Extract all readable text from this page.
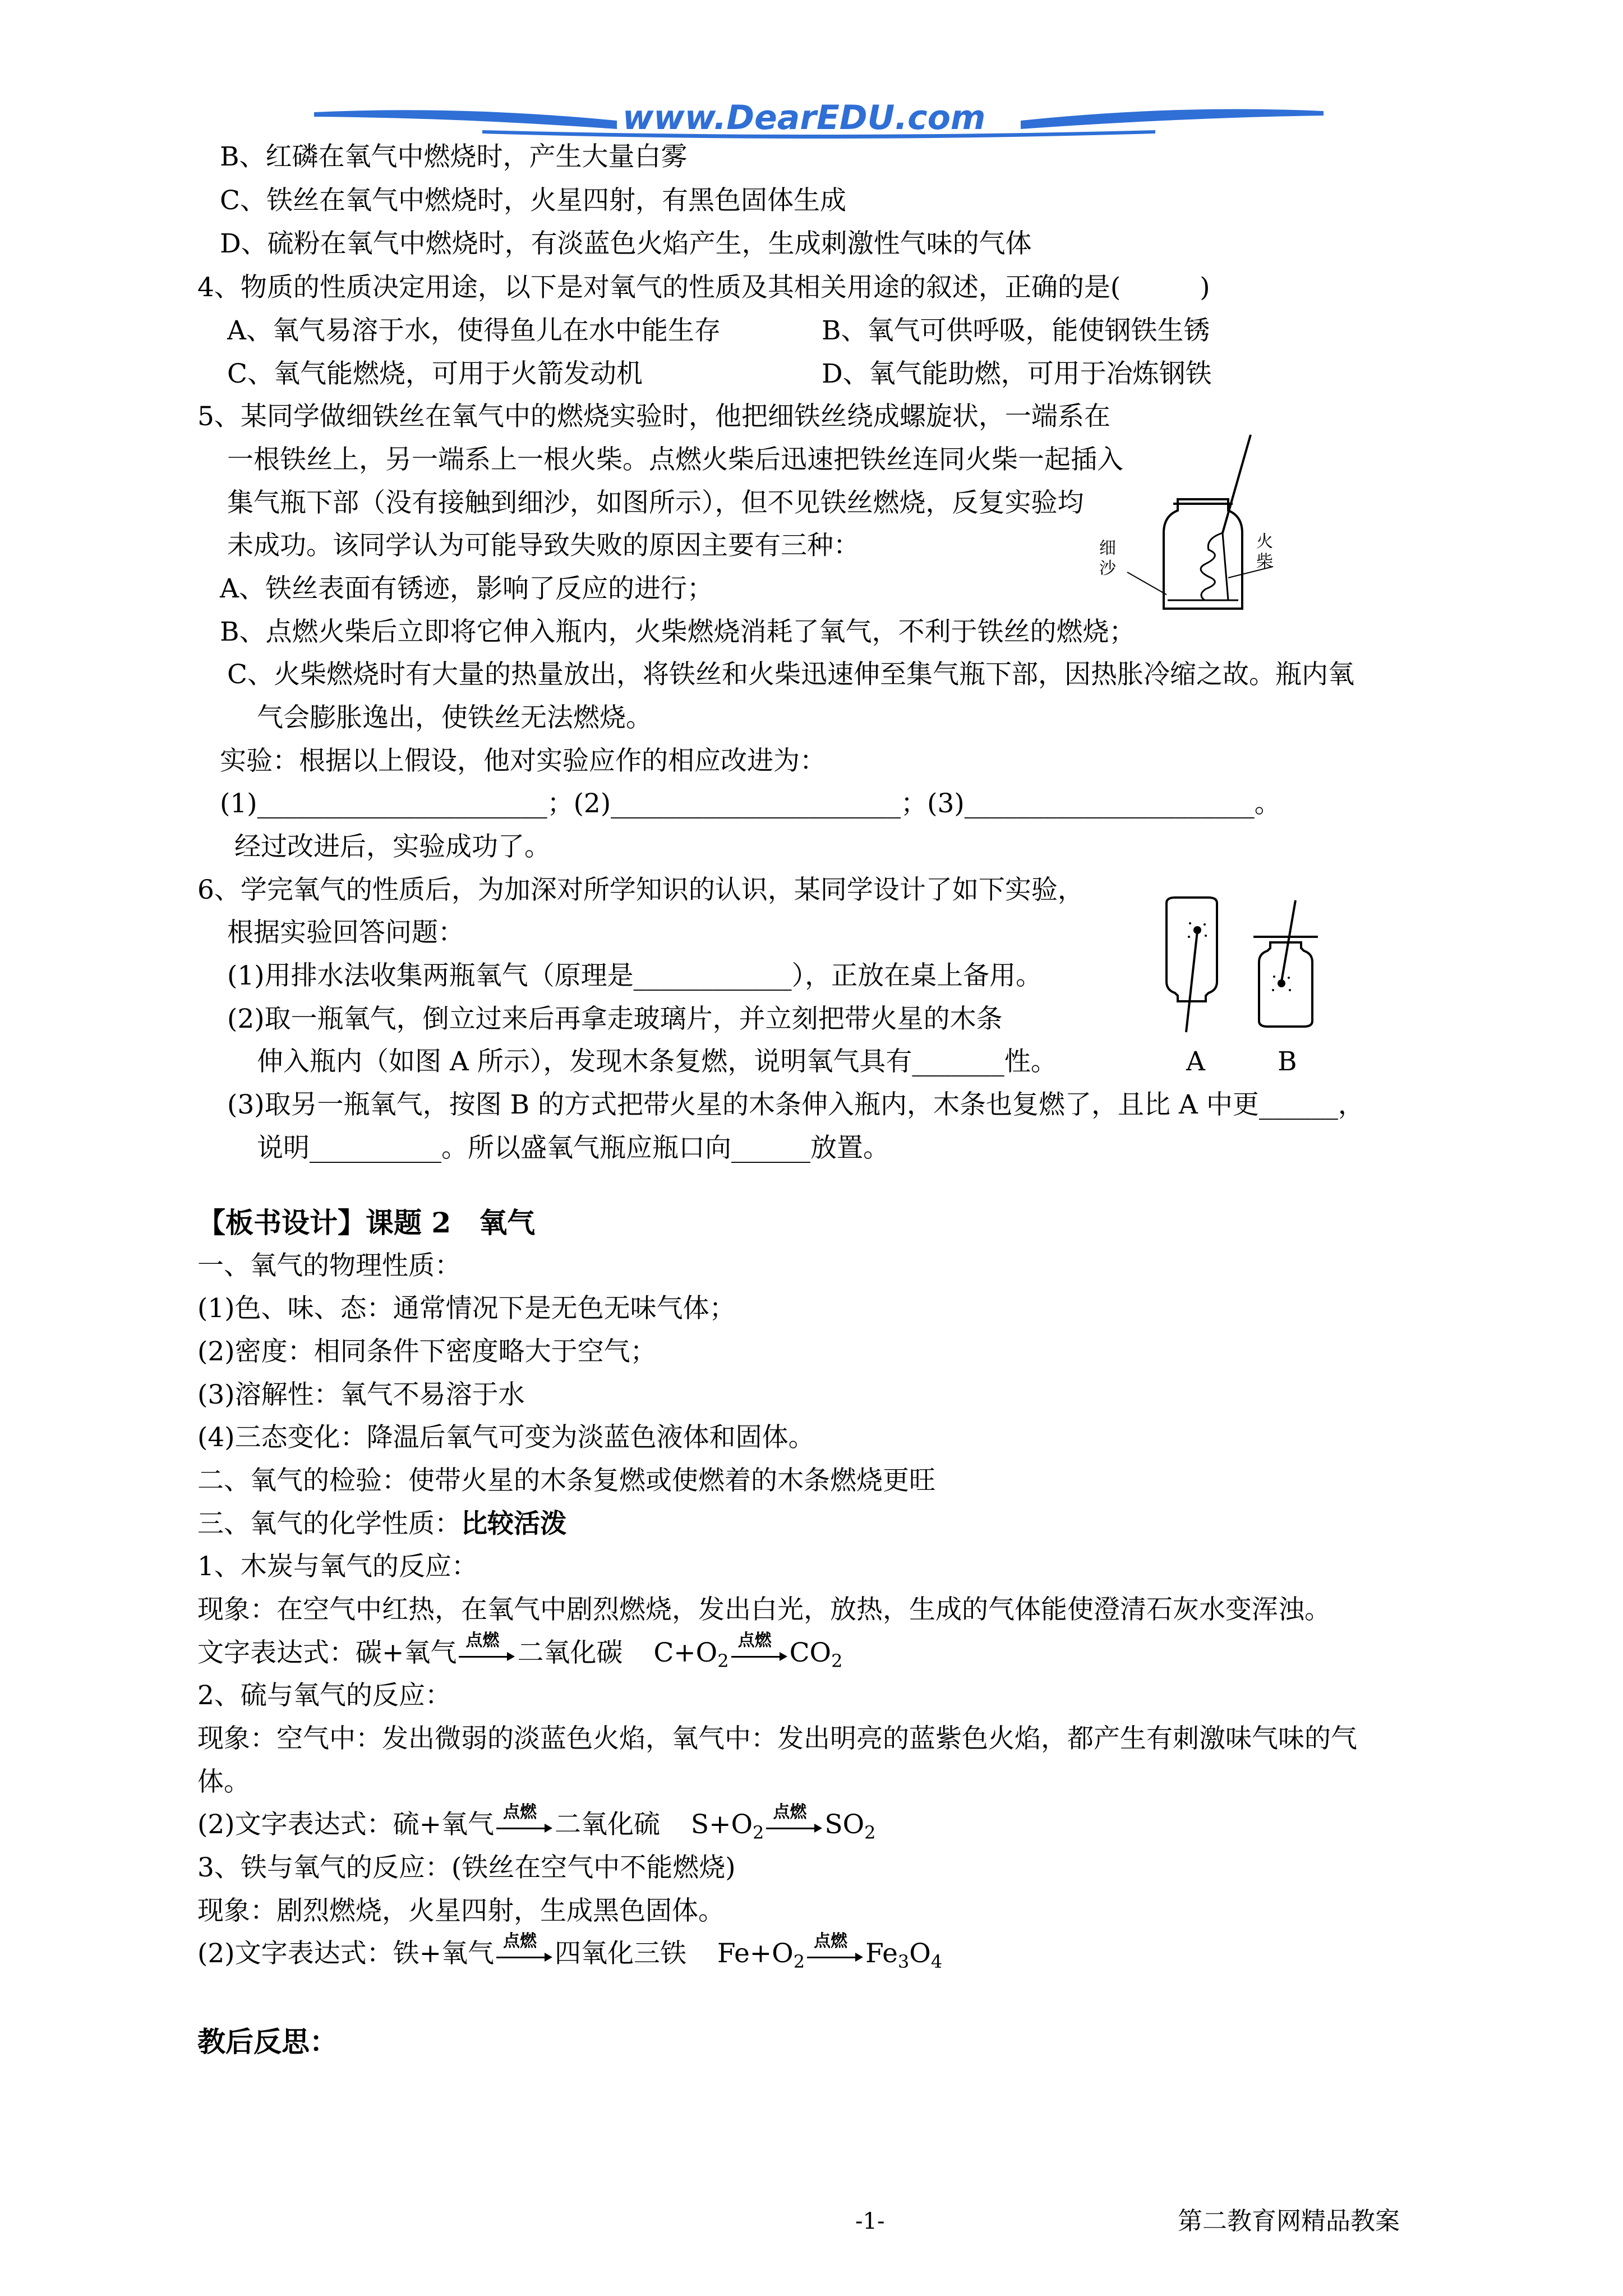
www.DearEDU.com
B、红磷在氧气中燃烧时，产生大量白雾
C、铁丝在氧气中燃烧时，火星四射，有黑色固体生成
D、硫粉在氧气中燃烧时，有淡蓝色火焰产生，生成刺激性气味的气体
4、物质的性质决定用途，以下是对氧气的性质及其相关用途的叙述，正确的是(　　　)
A、氧气易溶于水，使得鱼儿在水中能生存	B、氧气可供呼吸，能使钢铁生锈
C、氧气能燃烧，可用于火箭发动机	D、氧气能助燃，可用于冶炼钢铁
5、某同学做细铁丝在氧气中的燃烧实验时，他把细铁丝绕成螺旋状，一端系在
一根铁丝上，另一端系上一根火柴。点燃火柴后迅速把铁丝连同火柴一起插入
集气瓶下部（没有接触到细沙，如图所示），但不见铁丝燃烧，反复实验均
未成功。该同学认为可能导致失败的原因主要有三种：	细沙
火柴
A、铁丝表面有锈迹，影响了反应的进行；
B、点燃火柴后立即将它伸入瓶内，火柴燃烧消耗了氧气，不利于铁丝的燃烧；
C、火柴燃烧时有大量的热量放出，将铁丝和火柴迅速伸至集气瓶下部，因热胀冷缩之故。瓶内氧
气会膨胀逸出，使铁丝无法燃烧。
实验：根据以上假设，他对实验应作的相应改进为：
(1)______________________；(2)______________________；(3)______________________。
经过改进后，实验成功了。
6、学完氧气的性质后，为加深对所学知识的认识，某同学设计了如下实验，
根据实验回答问题：
(1)用排水法收集两瓶氧气（原理是____________），正放在桌上备用。
(2)取一瓶氧气，倒立过来后再拿走玻璃片，并立刻把带火星的木条
伸入瓶内（如图 A 所示），发现木条复燃，说明氧气具有_______性。	A	B
(3)取另一瓶氧气，按图 B 的方式把带火星的木条伸入瓶内，木条也复燃了，且比 A 中更______，
说明__________。所以盛氧气瓶应瓶口向______放置。
【板书设计】课题 2　氧气
一、氧气的物理性质：
(1)色、味、态：通常情况下是无色无味气体；
(2)密度：相同条件下密度略大于空气；
(3)溶解性：氧气不易溶于水
(4)三态变化：降温后氧气可变为淡蓝色液体和固体。
二、氧气的检验：使带火星的木条复燃或使燃着的木条燃烧更旺
三、氧气的化学性质：比较活泼
1、木炭与氧气的反应：
现象：在空气中红热，在氧气中剧烈燃烧，发出白光，放热，生成的气体能使澄清石灰水变浑浊。
文字表达式：碳+氧气 点燃 二氧化碳 $C+O_2$
点燃 $CO_2$
2、硫与氧气的反应：
现象：空气中：发出微弱的淡蓝色火焰，氧气中：发出明亮的蓝紫色火焰，都产生有刺激味气味的气
体。
(2)文字表达式：硫+氧气 点燃 二氧化硫 $S+O_2$
点燃 $SO_2$
3、铁与氧气的反应：(铁丝在空气中不能燃烧)
现象：剧烈燃烧，火星四射，生成黑色固体。
(2)文字表达式：铁+氧气 点燃 四氧化三铁 $Fe+O_2$
点燃 $Fe_3O_4$
教后反思：
-1-	第二教育网精品教案
